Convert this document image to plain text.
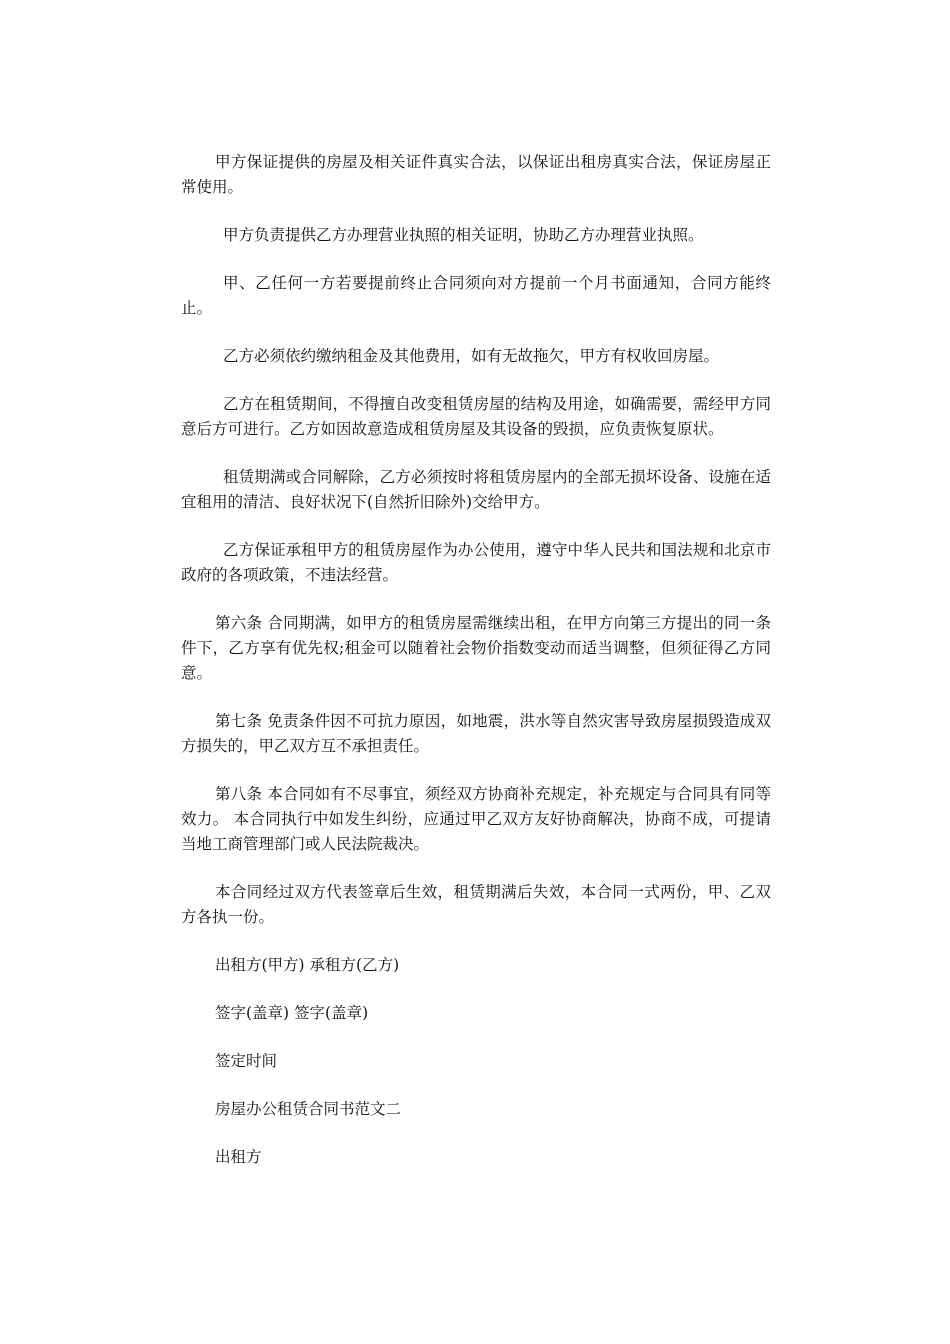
甲方保证提供的房屋及相关证件真实合法，以保证出租房真实合法，保证房屋正常使用。

甲方负责提供乙方办理营业执照的相关证明，协助乙方办理营业执照。

甲、乙任何一方若要提前终止合同须向对方提前一个月书面通知，合同方能终止。

乙方必须依约缴纳租金及其他费用，如有无故拖欠，甲方有权收回房屋。

乙方在租赁期间，不得擅自改变租赁房屋的结构及用途，如确需要，需经甲方同意后方可进行。乙方如因故意造成租赁房屋及其设备的毁损，应负责恢复原状。

租赁期满或合同解除，乙方必须按时将租赁房屋内的全部无损坏设备、设施在适宜租用的清洁、良好状况下(自然折旧除外)交给甲方。

乙方保证承租甲方的租赁房屋作为办公使用，遵守中华人民共和国法规和北京市政府的各项政策，不违法经营。

第六条 合同期满，如甲方的租赁房屋需继续出租，在甲方向第三方提出的同一条件下，乙方享有优先权;租金可以随着社会物价指数变动而适当调整，但须征得乙方同意。

第七条 免责条件因不可抗力原因，如地震，洪水等自然灾害导致房屋损毁造成双方损失的，甲乙双方互不承担责任。

第八条 本合同如有不尽事宜，须经双方协商补充规定，补充规定与合同具有同等效力。 本合同执行中如发生纠纷，应通过甲乙双方友好协商解决，协商不成，可提请当地工商管理部门或人民法院裁决。

本合同经过双方代表签章后生效，租赁期满后失效，本合同一式两份，甲、乙双方各执一份。

出租方(甲方) 承租方(乙方)

签字(盖章) 签字(盖章)

签定时间

房屋办公租赁合同书范文二

出租方
